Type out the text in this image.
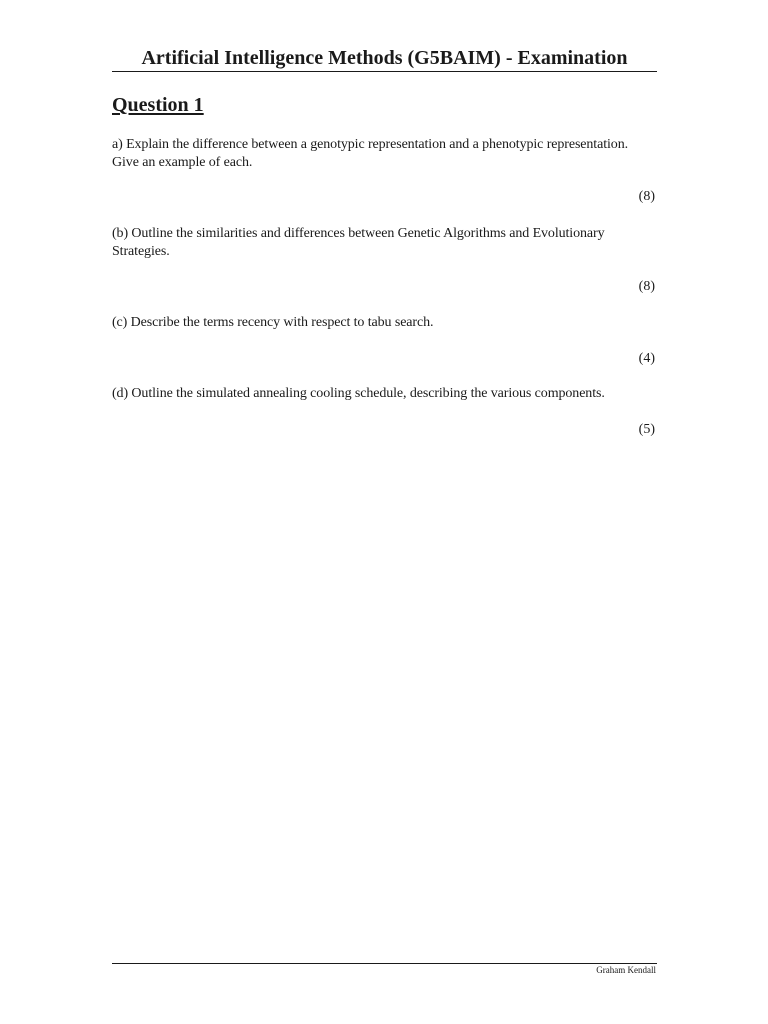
Artificial Intelligence Methods (G5BAIM) - Examination
Question 1
a) Explain the difference between a genotypic representation and a phenotypic representation. Give an example of each.
(8)
(b) Outline the similarities and differences between Genetic Algorithms and Evolutionary Strategies.
(8)
(c) Describe the terms recency with respect to tabu search.
(4)
(d) Outline the simulated annealing cooling schedule, describing the various components.
(5)
Graham Kendall
